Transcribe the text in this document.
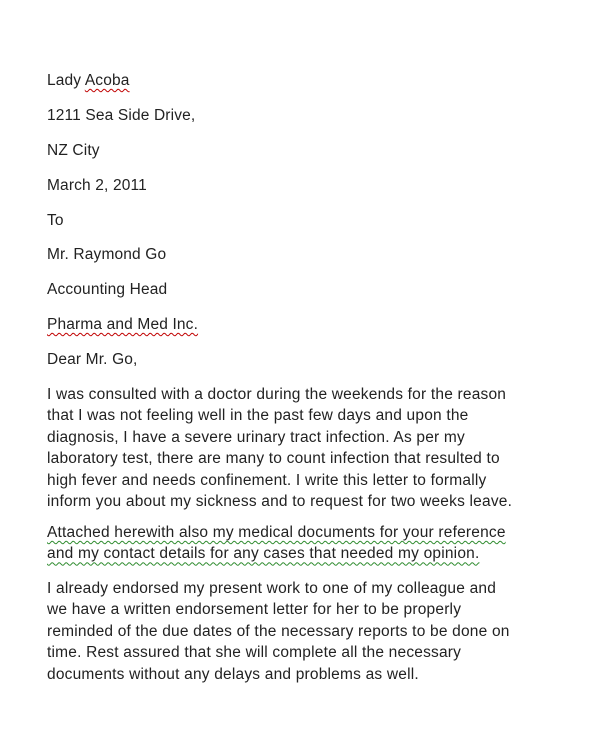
Lady Acoba
1211 Sea Side Drive,
NZ City
March 2, 2011
To
Mr. Raymond Go
Accounting Head
Pharma and Med Inc.
Dear Mr. Go,
I was consulted with a doctor during the weekends for the reason
that I was not feeling well in the past few days and upon the
diagnosis, I have a severe urinary tract infection. As per my
laboratory test, there are many to count infection that resulted to
high fever and needs confinement. I write this letter to formally
inform you about my sickness and to request for two weeks leave.
Attached herewith also my medical documents for your reference
and my contact details for any cases that needed my opinion.
I already endorsed my present work to one of my colleague and
we have a written endorsement letter for her to be properly
reminded of the due dates of the necessary reports to be done on
time. Rest assured that she will complete all the necessary
documents without any delays and problems as well.
